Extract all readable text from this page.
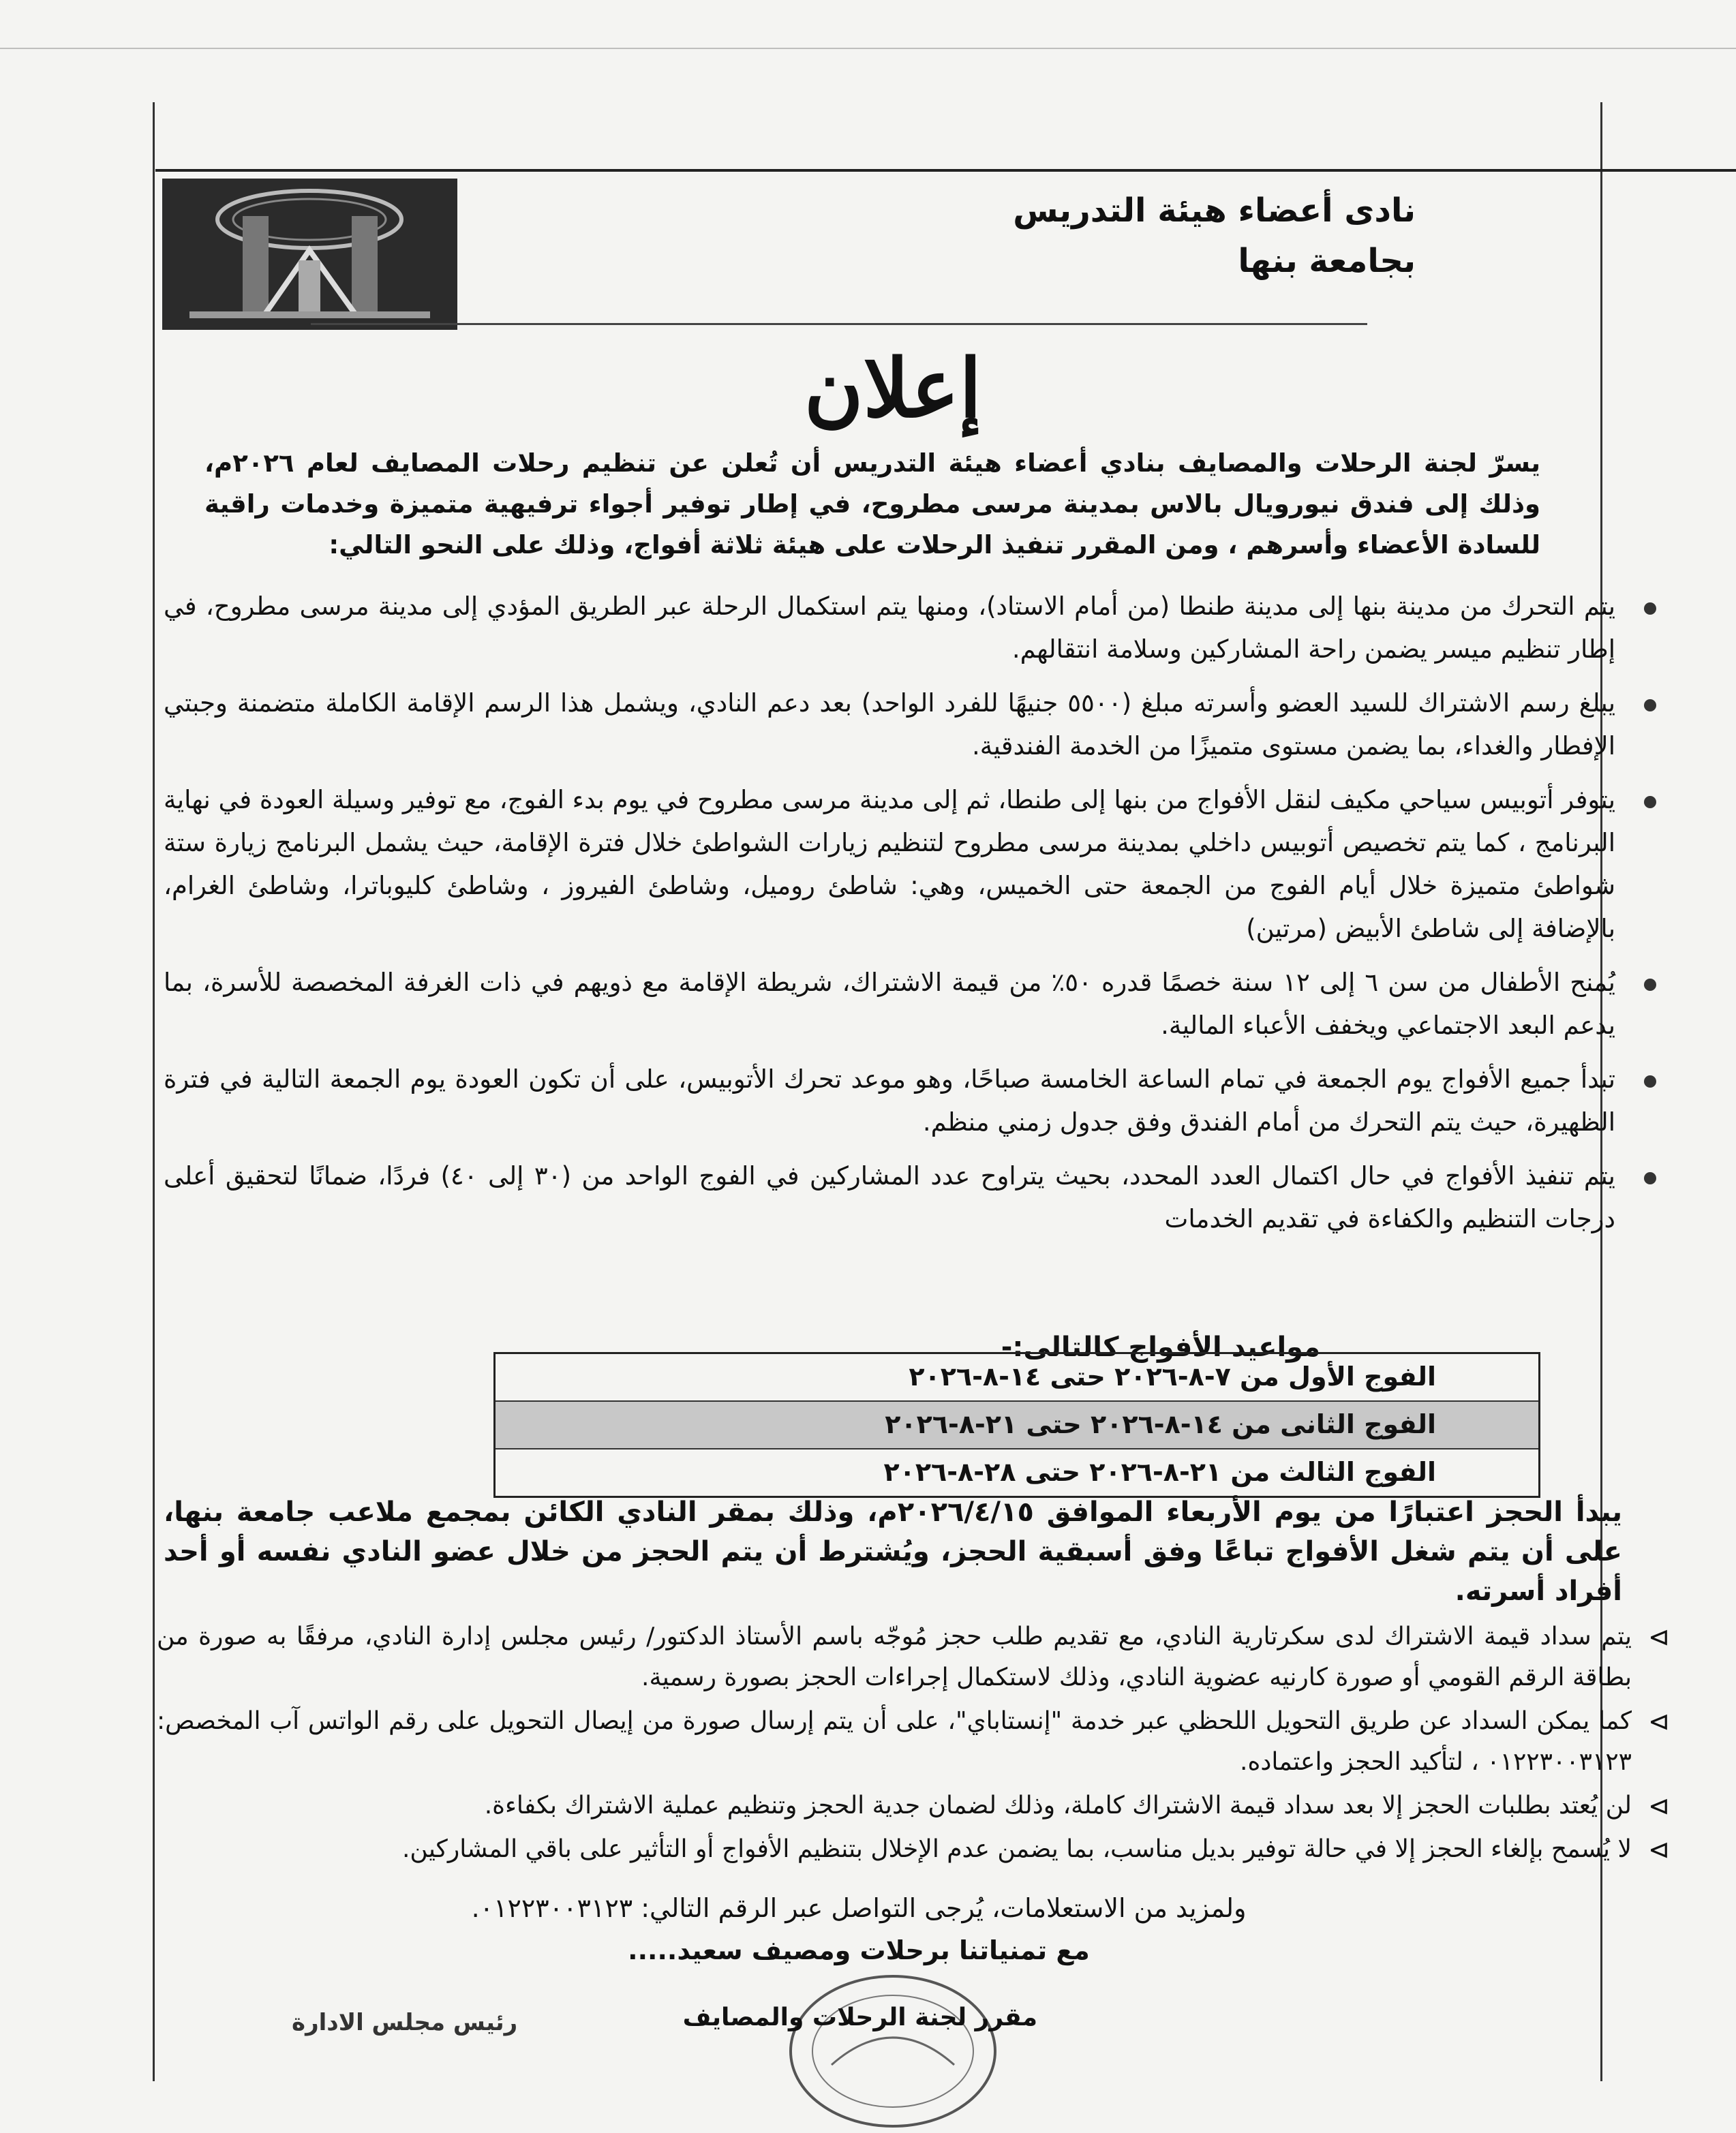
نادى أعضاء هيئة التدريس
بجامعة بنها
إعلان
يسرّ لجنة الرحلات والمصايف بنادي أعضاء هيئة التدريس أن تُعلن عن تنظيم رحلات المصايف لعام ٢٠٢٦م، وذلك إلى فندق نيورويال بالاس بمدينة مرسى مطروح، في إطار توفير أجواء ترفيهية متميزة وخدمات راقية للسادة الأعضاء وأسرهم ، ومن المقرر تنفيذ الرحلات على هيئة ثلاثة أفواج، وذلك على النحو التالي:
يتم التحرك من مدينة بنها إلى مدينة طنطا (من أمام الاستاد)، ومنها يتم استكمال الرحلة عبر الطريق المؤدي إلى مدينة مرسى مطروح، في إطار تنظيم ميسر يضمن راحة المشاركين وسلامة انتقالهم.
يبلغ رسم الاشتراك للسيد العضو وأسرته مبلغ (٥٥٠٠ جنيهًا للفرد الواحد) بعد دعم النادي، ويشمل هذا الرسم الإقامة الكاملة متضمنة وجبتي الإفطار والغداء، بما يضمن مستوى متميزًا من الخدمة الفندقية.
يتوفر أتوبيس سياحي مكيف لنقل الأفواج من بنها إلى طنطا، ثم إلى مدينة مرسى مطروح في يوم بدء الفوج، مع توفير وسيلة العودة في نهاية البرنامج ، كما يتم تخصيص أتوبيس داخلي بمدينة مرسى مطروح لتنظيم زيارات الشواطئ خلال فترة الإقامة، حيث يشمل البرنامج زيارة ستة شواطئ متميزة خلال أيام الفوج من الجمعة حتى الخميس، وهي: شاطئ روميل، وشاطئ الفيروز ، وشاطئ كليوباترا، وشاطئ الغرام، بالإضافة إلى شاطئ الأبيض (مرتين)
يُمنح الأطفال من سن ٦ إلى ١٢ سنة خصمًا قدره ٥٠٪ من قيمة الاشتراك، شريطة الإقامة مع ذويهم في ذات الغرفة المخصصة للأسرة، بما يدعم البعد الاجتماعي ويخفف الأعباء المالية.
تبدأ جميع الأفواج يوم الجمعة في تمام الساعة الخامسة صباحًا، وهو موعد تحرك الأتوبيس، على أن تكون العودة يوم الجمعة التالية في فترة الظهيرة، حيث يتم التحرك من أمام الفندق وفق جدول زمني منظم.
يتم تنفيذ الأفواج في حال اكتمال العدد المحدد، بحيث يتراوح عدد المشاركين في الفوج الواحد من (٣٠ إلى ٤٠) فردًا، ضمانًا لتحقيق أعلى درجات التنظيم والكفاءة في تقديم الخدمات
مواعيد الأفواج كالتالى:-
الفوج الأول من ٧-٨-٢٠٢٦ حتى ١٤-٨-٢٠٢٦
الفوج الثانى من ١٤-٨-٢٠٢٦ حتى ٢١-٨-٢٠٢٦
الفوج الثالث من ٢١-٨-٢٠٢٦ حتى ٢٨-٨-٢٠٢٦
يبدأ الحجز اعتبارًا من يوم الأربعاء الموافق ٢٠٢٦/٤/١٥م، وذلك بمقر النادي الكائن بمجمع ملاعب جامعة بنها، على أن يتم شغل الأفواج تباعًا وفق أسبقية الحجز، ويُشترط أن يتم الحجز من خلال عضو النادي نفسه أو أحد أفراد أسرته.
⊳
يتم سداد قيمة الاشتراك لدى سكرتارية النادي، مع تقديم طلب حجز مُوجّه باسم الأستاذ الدكتور/ رئيس مجلس إدارة النادي، مرفقًا به صورة من بطاقة الرقم القومي أو صورة كارنيه عضوية النادي، وذلك لاستكمال إجراءات الحجز بصورة رسمية.
⊳
كما يمكن السداد عن طريق التحويل اللحظي عبر خدمة "إنستاباي"، على أن يتم إرسال صورة من إيصال التحويل على رقم الواتس آب المخصص: ٠١٢٢٣٠٠٣١٢٣ ، لتأكيد الحجز واعتماده.
⊳
لن يُعتد بطلبات الحجز إلا بعد سداد قيمة الاشتراك كاملة، وذلك لضمان جدية الحجز وتنظيم عملية الاشتراك بكفاءة.
⊳
لا يُسمح بإلغاء الحجز إلا في حالة توفير بديل مناسب، بما يضمن عدم الإخلال بتنظيم الأفواج أو التأثير على باقي المشاركين.
ولمزيد من الاستعلامات، يُرجى التواصل عبر الرقم التالي: ٠١٢٢٣٠٠٣١٢٣.
مع تمنياتنا برحلات ومصيف سعيد.....
مقرر لجنة الرحلات والمصايف
رئيس مجلس الادارة
